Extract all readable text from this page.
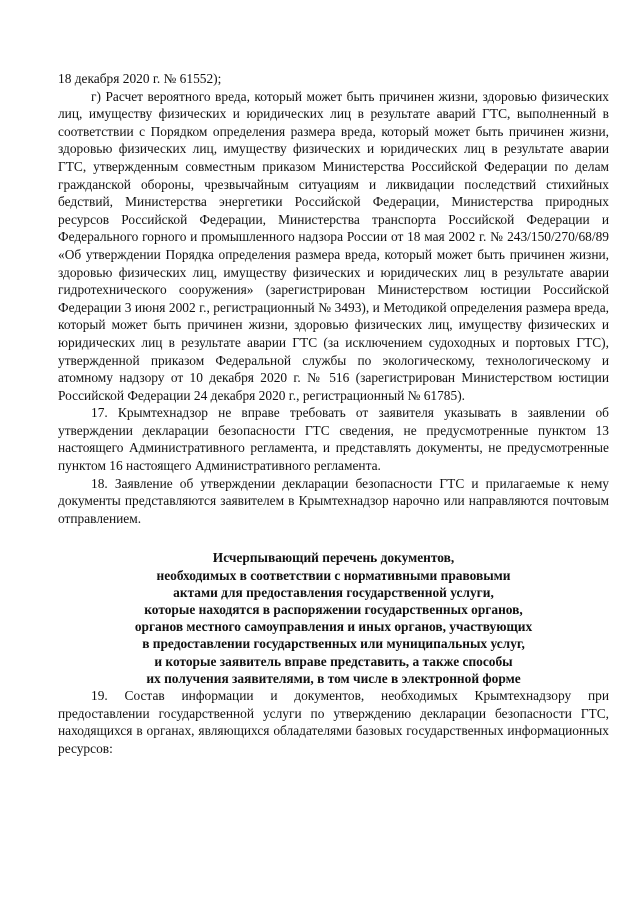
18 декабря 2020 г. № 61552);

г) Расчет вероятного вреда, который может быть причинен жизни, здоровью физических лиц, имуществу физических и юридических лиц в результате аварий ГТС, выполненный в соответствии с Порядком определения размера вреда, который может быть причинен жизни, здоровью физических лиц, имуществу физических и юридических лиц в результате аварии ГТС, утвержденным совместным приказом Министерства Российской Федерации по делам гражданской обороны, чрезвычайным ситуациям и ликвидации последствий стихийных бедствий, Министерства энергетики Российской Федерации, Министерства природных ресурсов Российской Федерации, Министерства транспорта Российской Федерации и Федерального горного и промышленного надзора России от 18 мая 2002 г. № 243/150/270/68/89 «Об утверждении Порядка определения размера вреда, который может быть причинен жизни, здоровью физических лиц, имуществу физических и юридических лиц в результате аварии гидротехнического сооружения» (зарегистрирован Министерством юстиции Российской Федерации 3 июня 2002 г., регистрационный № 3493), и Методикой определения размера вреда, который может быть причинен жизни, здоровью физических лиц, имуществу физических и юридических лиц в результате аварии ГТС (за исключением судоходных и портовых ГТС), утвержденной приказом Федеральной службы по экологическому, технологическому и атомному надзору от 10 декабря 2020 г. № 516 (зарегистрирован Министерством юстиции Российской Федерации 24 декабря 2020 г., регистрационный № 61785).

17. Крымтехнадзор не вправе требовать от заявителя указывать в заявлении об утверждении декларации безопасности ГТС сведения, не предусмотренные пунктом 13 настоящего Административного регламента, и представлять документы, не предусмотренные пунктом 16 настоящего Административного регламента.

18. Заявление об утверждении декларации безопасности ГТС и прилагаемые к нему документы представляются заявителем в Крымтехнадзор нарочно или направляются почтовым отправлением.

Исчерпывающий перечень документов,
необходимых в соответствии с нормативными правовыми
актами для предоставления государственной услуги,
которые находятся в распоряжении государственных органов,
органов местного самоуправления и иных органов, участвующих
в предоставлении государственных или муниципальных услуг,
и которые заявитель вправе представить, а также способы
их получения заявителями, в том числе в электронной форме

19. Состав информации и документов, необходимых Крымтехнадзору при предоставлении государственной услуги по утверждению декларации безопасности ГТС, находящихся в органах, являющихся обладателями базовых государственных информационных ресурсов:
